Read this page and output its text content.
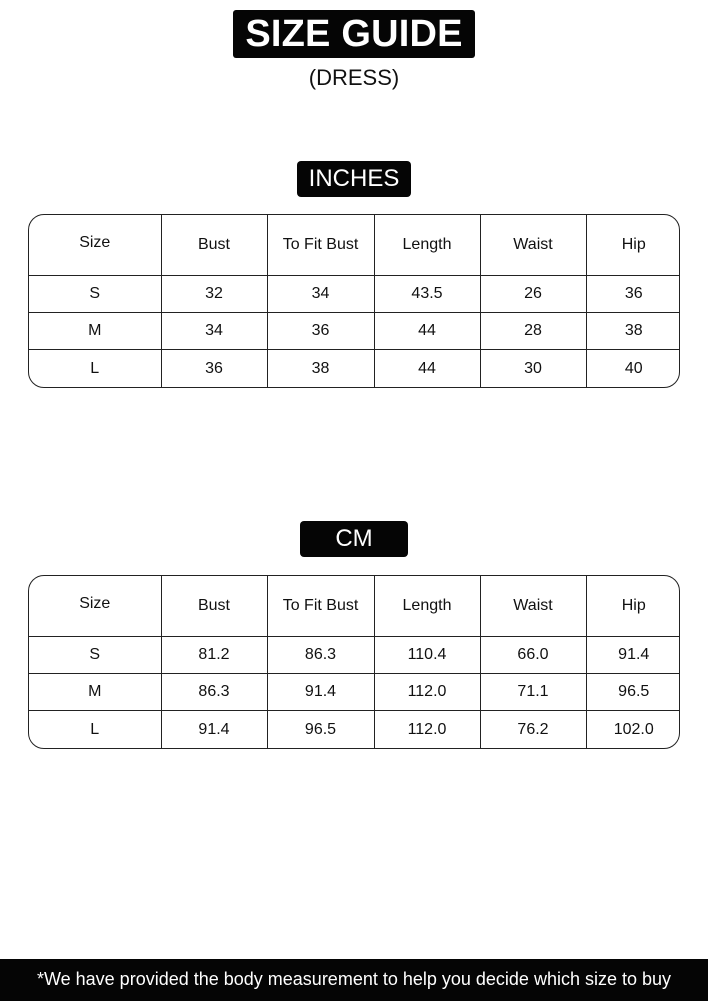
SIZE GUIDE
(DRESS)
INCHES
Size	Bust	To Fit Bust	Length	Waist	Hip
S	32	34	43.5	26	36
M	34	36	44	28	38
L	36	38	44	30	40
CM
Size	Bust	To Fit Bust	Length	Waist	Hip
S	81.2	86.3	110.4	66.0	91.4
M	86.3	91.4	112.0	71.1	96.5
L	91.4	96.5	112.0	76.2	102.0
*We have provided the body measurement to help you decide which size to buy
